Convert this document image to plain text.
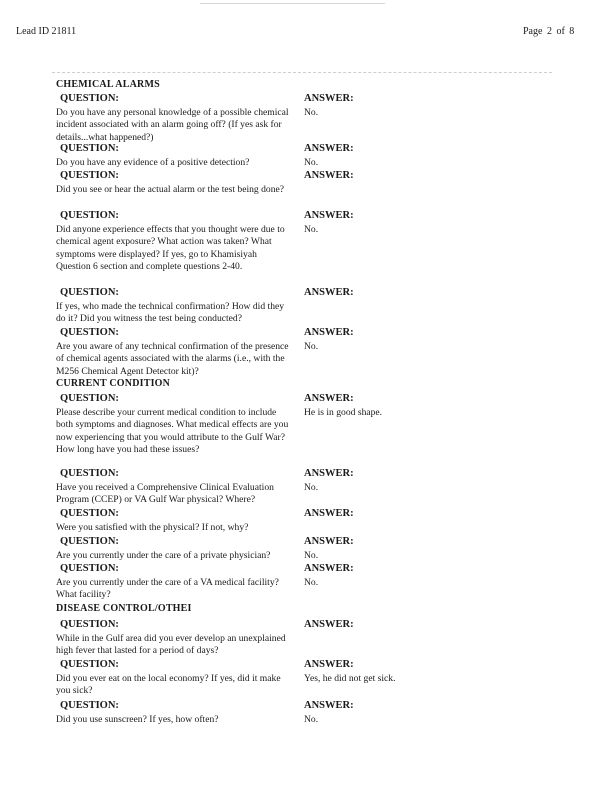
Lead ID 21811	Page 2 of 8
CHEMICAL ALARMS
QUESTION:
Do you have any personal knowledge of a possible chemical incident associated with an alarm going off? (If yes ask for details...what happened?)
ANSWER:
No.
QUESTION:
Do you have any evidence of a positive detection?
ANSWER:
No.
QUESTION:
Did you see or hear the actual alarm or the test being done?
ANSWER:
QUESTION:
Did anyone experience effects that you thought were due to chemical agent exposure? What action was taken? What symptoms were displayed? If yes, go to Khamisiyah Question 6 section and complete questions 2-40.
ANSWER:
No.
QUESTION:
If yes, who made the technical confirmation? How did they do it? Did you witness the test being conducted?
ANSWER:
QUESTION:
Are you aware of any technical confirmation of the presence of chemical agents associated with the alarms (i.e., with the M256 Chemical Agent Detector kit)?
ANSWER:
No.
CURRENT CONDITION
QUESTION:
Please describe your current medical condition to include both symptoms and diagnoses. What medical effects are you now experiencing that you would attribute to the Gulf War? How long have you had these issues?
ANSWER:
He is in good shape.
QUESTION:
Have you received a Comprehensive Clinical Evaluation Program (CCEP) or VA Gulf War physical? Where?
ANSWER:
No.
QUESTION:
Were you satisfied with the physical? If not, why?
ANSWER:
QUESTION:
Are you currently under the care of a private physician?
ANSWER:
No.
QUESTION:
Are you currently under the care of a VA medical facility? What facility?
ANSWER:
No.
DISEASE CONTROL/OTHEI
QUESTION:
While in the Gulf area did you ever develop an unexplained high fever that lasted for a period of days?
ANSWER:
QUESTION:
Did you ever eat on the local economy? If yes, did it make you sick?
ANSWER:
Yes, he did not get sick.
QUESTION:
Did you use sunscreen? If yes, how often?
ANSWER:
No.
